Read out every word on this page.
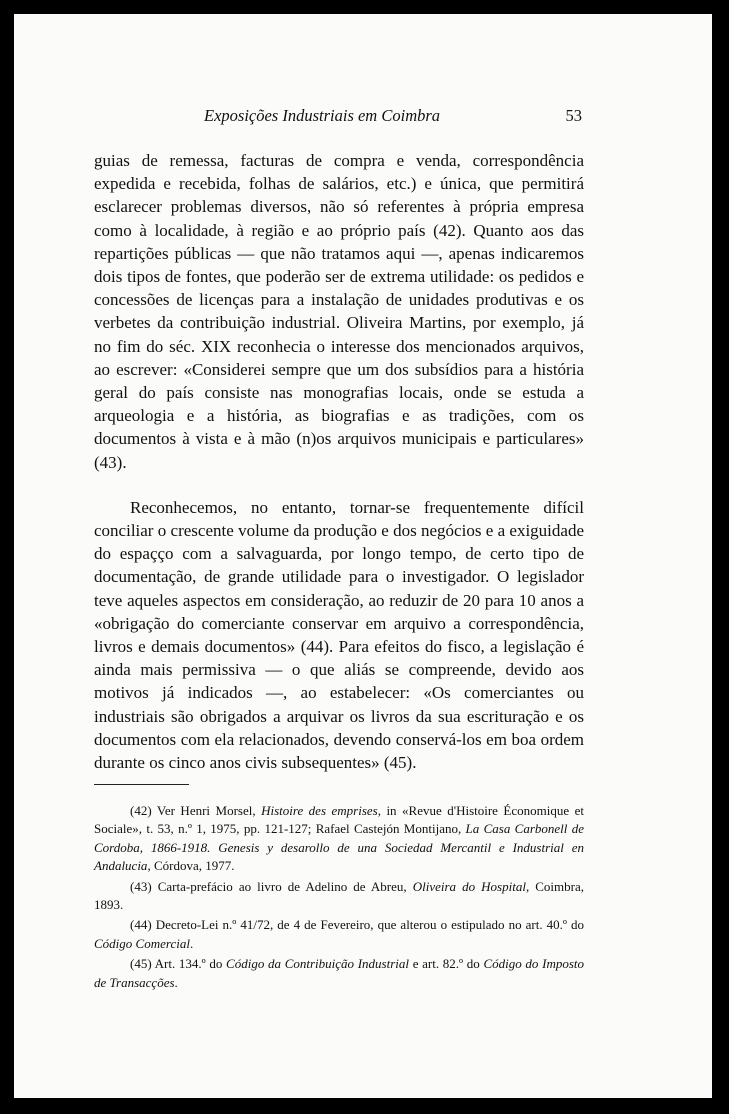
Exposições Industriais em Coimbra	53

guias de remessa, facturas de compra e venda, correspondência expedida e recebida, folhas de salários, etc.) e única, que permitirá esclarecer problemas diversos, não só referentes à própria empresa como à localidade, à região e ao próprio país (42). Quanto aos das repartições públicas — que não tratamos aqui —, apenas indicaremos dois tipos de fontes, que poderão ser de extrema utilidade: os pedidos e concessões de licenças para a instalação de unidades produtivas e os verbetes da contribuição industrial. Oliveira Martins, por exemplo, já no fim do séc. XIX reconhecia o interesse dos mencionados arquivos, ao escrever: «Considerei sempre que um dos subsídios para a história geral do país consiste nas monografias locais, onde se estuda a arqueologia e a história, as biografias e as tradições, com os documentos à vista e à mão (n)os arquivos municipais e particulares» (43).

Reconhecemos, no entanto, tornar-se frequentemente difícil conciliar o crescente volume da produção e dos negócios e a exiguidade do espaçço com a salvaguarda, por longo tempo, de certo tipo de documentação, de grande utilidade para o investigador. O legislador teve aqueles aspectos em consideração, ao reduzir de 20 para 10 anos a «obrigação do comerciante conservar em arquivo a correspondência, livros e demais documentos» (44). Para efeitos do fisco, a legislação é ainda mais permissiva — o que aliás se compreende, devido aos motivos já indicados —, ao estabelecer: «Os comerciantes ou industriais são obrigados a arquivar os livros da sua escrituração e os documentos com ela relacionados, devendo conservá-los em boa ordem durante os cinco anos civis subsequentes» (45).

(42) Ver Henri Morsel, Histoire des emprises, in «Revue d'Histoire Économique et Sociale», t. 53, n.º 1, 1975, pp. 121-127; Rafael Castejón Montijano, La Casa Carbonell de Cordoba, 1866-1918. Genesis y desarollo de una Sociedad Mercantil e Industrial en Andalucia, Córdova, 1977.

(43) Carta-prefácio ao livro de Adelino de Abreu, Oliveira do Hospital, Coimbra, 1893.

(44) Decreto-Lei n.º 41/72, de 4 de Fevereiro, que alterou o estipulado no art. 40.º do Código Comercial.

(45) Art. 134.º do Código da Contribuição Industrial e art. 82.º do Código do Imposto de Transacções.
